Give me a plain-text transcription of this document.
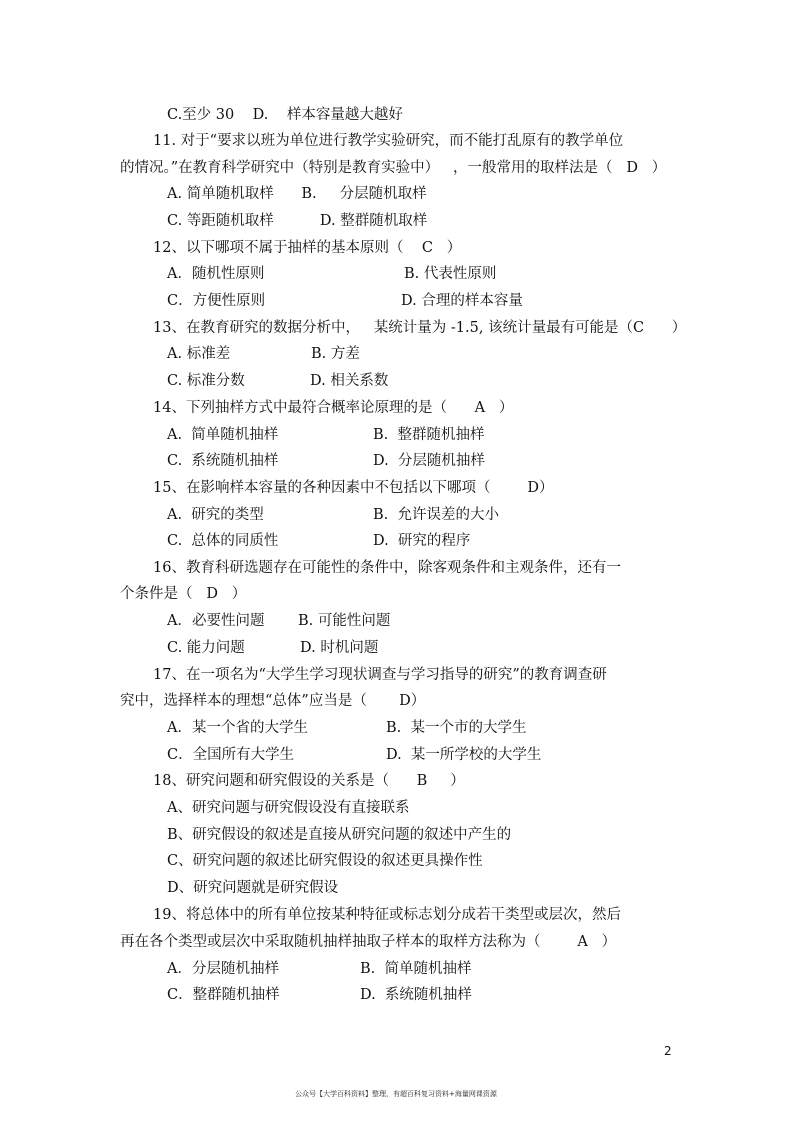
C.至少 30    D.    样本容量越大越好
11. 对于“要求以班为单位进行教学实验研究，而不能打乱原有的教学单位
的情况。”在教育科学研究中（特别是教育实验中）   ，一般常用的取样法是（   D   ）
A. 简单随机取样      B.     分层随机取样
C. 等距随机取样          D. 整群随机取样
12、以下哪项不属于抽样的基本原则（    C   ）
A．随机性原则	B. 代表性原则
C．方便性原则	D. 合理的样本容量
13、在教育研究的数据分析中，   某统计量为 -1.5, 该统计量最有可能是（C      ）
A. 标准差	B. 方差
C. 标准分数	D. 相关系数
14、下列抽样方式中最符合概率论原理的是（      A   ）
A.  简单随机抽样	B.  整群随机抽样
C.  系统随机抽样	D.  分层随机抽样
15、在影响样本容量的各种因素中不包括以下哪项（        D）
A.  研究的类型	B.  允许误差的大小
C.  总体的同质性	D.  研究的程序
16、教育科研选题存在可能性的条件中，除客观条件和主观条件，还有一
个条件是（   D   ）
A．必要性问题 B. 可能性问题
C. 能力问题	D. 时机问题
17、在一项名为“大学生学习现状调查与学习指导的研究”的教育调查研
究中，选择样本的理想“总体”应当是（       D）
A．某一个省的大学生	B.  某一个市的大学生
C．全国所有大学生	D.  某一所学校的大学生
18、研究问题和研究假设的关系是（      B     ）
A、研究问题与研究假设没有直接联系
B、研究假设的叙述是直接从研究问题的叙述中产生的
C、研究问题的叙述比研究假设的叙述更具操作性
D、研究问题就是研究假设
19、将总体中的所有单位按某种特征或标志划分成若干类型或层次，然后
再在各个类型或层次中采取随机抽样抽取子样本的取样方法称为（        A   ）
A．分层随机抽样	B.  简单随机抽样
C．整群随机抽样	D.  系统随机抽样
2
公众号【大学百科资料】整理，有超百科复习资料+海量网课资源
